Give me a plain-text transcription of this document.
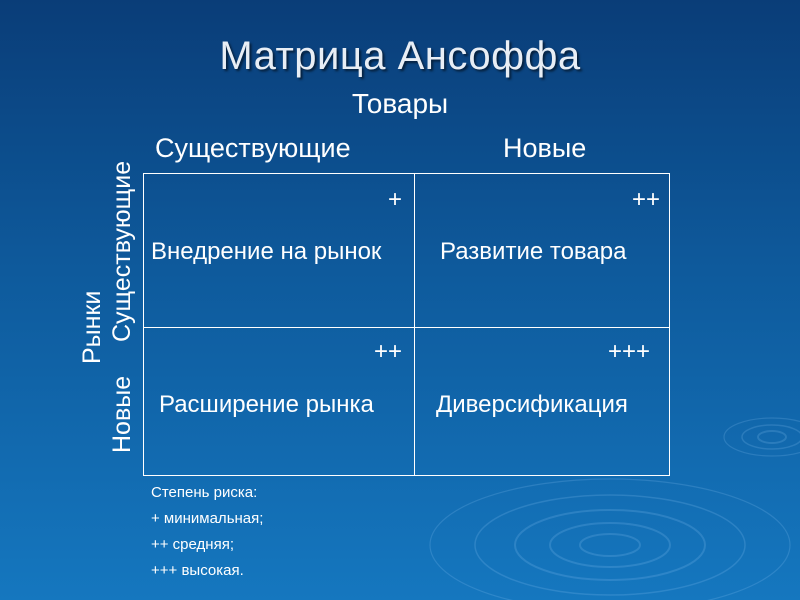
Матрица Ансоффа
Товары
Существующие	Новые
Существующие
Рынки
Новые
+
Внедрение на рынок
++
Развитие товара
++
Расширение рынка
+++
Диверсификация
Степень риска:
+ минимальная;
++ средняя;
+++ высокая.
